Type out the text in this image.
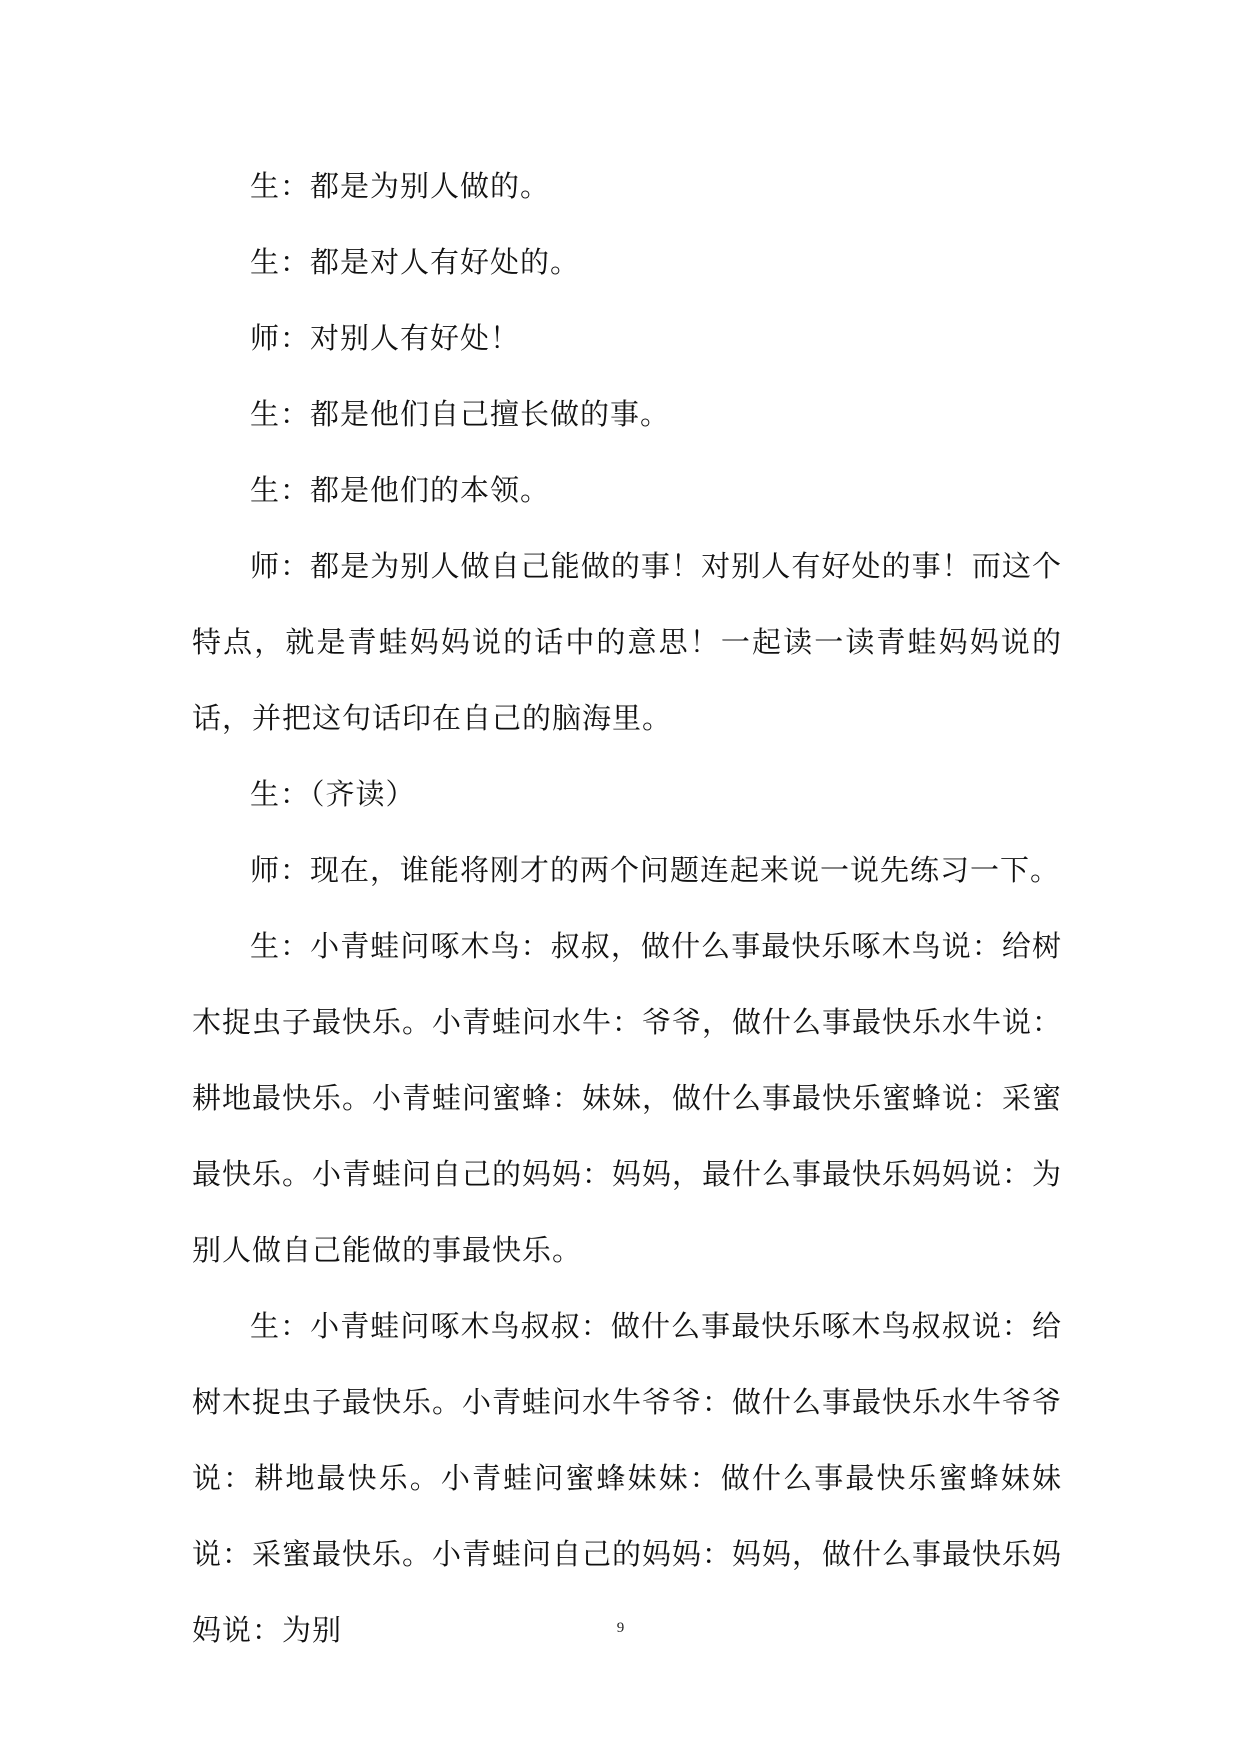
生：都是为别人做的。

生：都是对人有好处的。

师：对别人有好处！

生：都是他们自己擅长做的事。

生：都是他们的本领。

师：都是为别人做自己能做的事！对别人有好处的事！而这个特点，就是青蛙妈妈说的话中的意思！一起读一读青蛙妈妈说的话，并把这句话印在自己的脑海里。

生：（齐读）

师：现在，谁能将刚才的两个问题连起来说一说先练习一下。

生：小青蛙问啄木鸟：叔叔，做什么事最快乐啄木鸟说：给树木捉虫子最快乐。小青蛙问水牛：爷爷，做什么事最快乐水牛说：耕地最快乐。小青蛙问蜜蜂：妹妹，做什么事最快乐蜜蜂说：采蜜最快乐。小青蛙问自己的妈妈：妈妈，最什么事最快乐妈妈说：为别人做自己能做的事最快乐。

生：小青蛙问啄木鸟叔叔：做什么事最快乐啄木鸟叔叔说：给树木捉虫子最快乐。小青蛙问水牛爷爷：做什么事最快乐水牛爷爷说：耕地最快乐。小青蛙问蜜蜂妹妹：做什么事最快乐蜜蜂妹妹说：采蜜最快乐。小青蛙问自己的妈妈：妈妈，做什么事最快乐妈妈说：为别	9
